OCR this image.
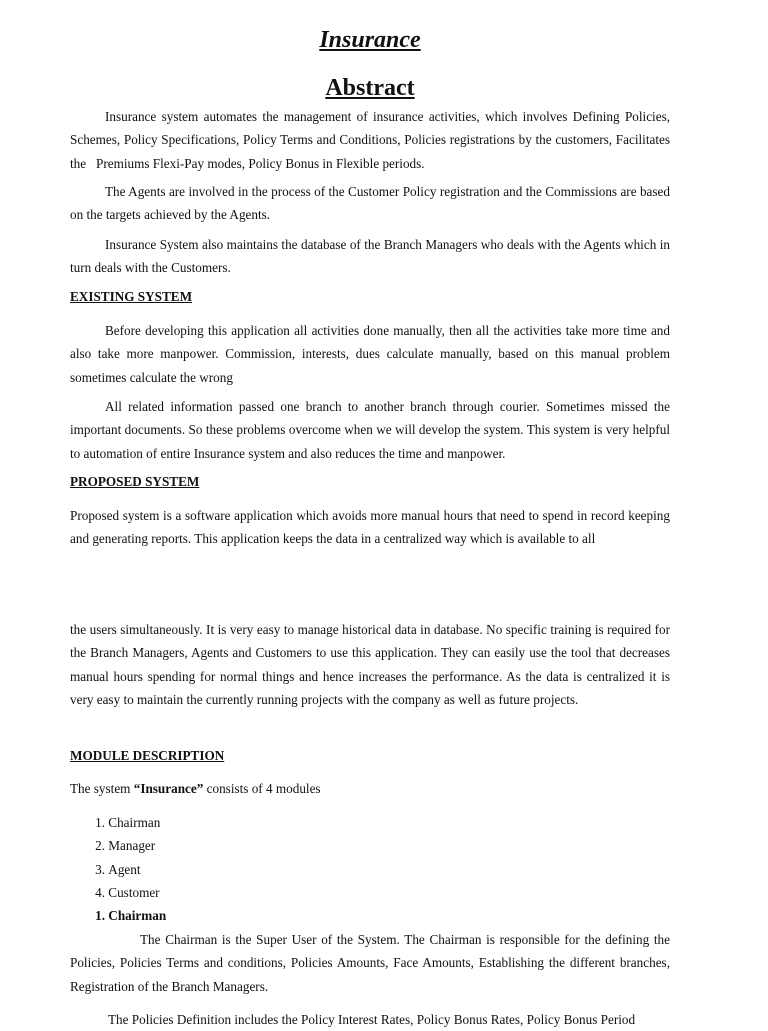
Insurance
Abstract

Insurance system automates the management of insurance activities, which involves Defining Policies, Schemes, Policy Specifications, Policy Terms and Conditions, Policies registrations by the customers, Facilitates the   Premiums Flexi-Pay modes, Policy Bonus in Flexible periods.

The Agents are involved in the process of the Customer Policy registration and the Commissions are based on the targets achieved by the Agents.

Insurance System also maintains the database of the Branch Managers who deals with the Agents which in turn deals with the Customers.

EXISTING SYSTEM

Before developing this application all activities done manually, then all the activities take more time and also take more manpower. Commission, interests, dues calculate manually, based on this manual problem sometimes calculate the wrong

All related information passed one branch to another branch through courier. Sometimes missed the important documents. So these problems overcome when we will develop the system. This system is very helpful to automation of entire Insurance system and also reduces the time and manpower.

PROPOSED SYSTEM

Proposed system is a software application which avoids more manual hours that need to spend in record keeping and generating reports. This application keeps the data in a centralized way which is available to all

the users simultaneously. It is very easy to manage historical data in database. No specific training is required for the Branch Managers, Agents and Customers to use this application. They can easily use the tool that decreases manual hours spending for normal things and hence increases the performance. As the data is centralized it is very easy to maintain the currently running projects with the company as well as future projects.

MODULE DESCRIPTION

The system “Insurance” consists of 4 modules

1. Chairman
2. Manager
3. Agent
4. Customer
1. Chairman

The Chairman is the Super User of the System. The Chairman is responsible for the defining the Policies, Policies Terms and conditions, Policies Amounts, Face Amounts, Establishing the different branches, Registration of the Branch Managers.

The Policies Definition includes the Policy Interest Rates, Policy Bonus Rates, Policy Bonus Period
